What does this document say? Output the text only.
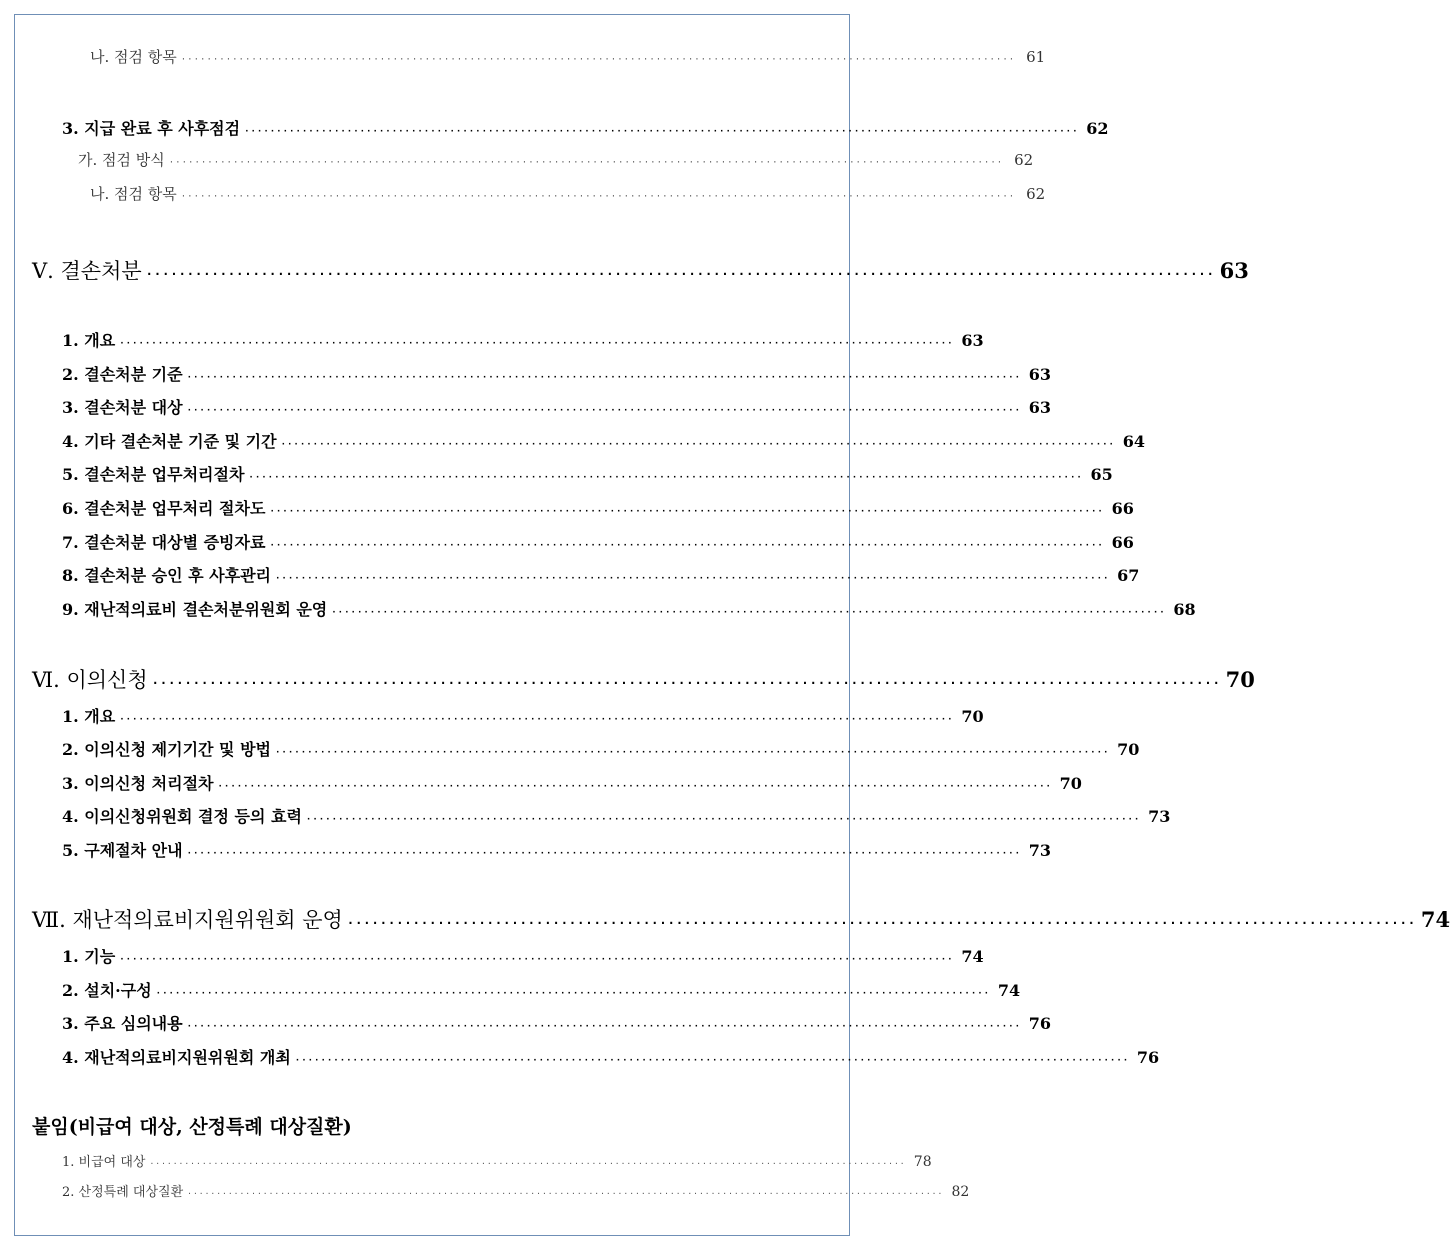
나. 점검 항목 ·································································································································· 61
3. 지급 완료 후 사후점검 ·································································································································· 62
가. 점검 방식 ·································································································································· 62
나. 점검 항목 ·································································································································· 62
Ⅴ. 결손처분 ·································································································································· 63
1. 개요 ·································································································································· 63
2. 결손처분 기준 ·································································································································· 63
3. 결손처분 대상 ·································································································································· 63
4. 기타 결손처분 기준 및 기간 ·································································································································· 64
5. 결손처분 업무처리절차 ·································································································································· 65
6. 결손처분 업무처리 절차도 ·································································································································· 66
7. 결손처분 대상별 증빙자료 ·································································································································· 66
8. 결손처분 승인 후 사후관리 ·································································································································· 67
9. 재난적의료비 결손처분위원회 운영 ·································································································································· 68
Ⅵ. 이의신청 ·································································································································· 70
1. 개요 ·································································································································· 70
2. 이의신청 제기기간 및 방법 ·································································································································· 70
3. 이의신청 처리절차 ·································································································································· 70
4. 이의신청위원회 결정 등의 효력 ·································································································································· 73
5. 구제절차 안내 ·································································································································· 73
Ⅶ. 재난적의료비지원위원회 운영 ·································································································································· 74
1. 기능 ·································································································································· 74
2. 설치·구성 ·································································································································· 74
3. 주요 심의내용 ·································································································································· 76
4. 재난적의료비지원위원회 개최 ·································································································································· 76
붙임(비급여 대상, 산정특례 대상질환)
1. 비급여 대상 ·································································································································· 78
2. 산정특례 대상질환 ·································································································································· 82
